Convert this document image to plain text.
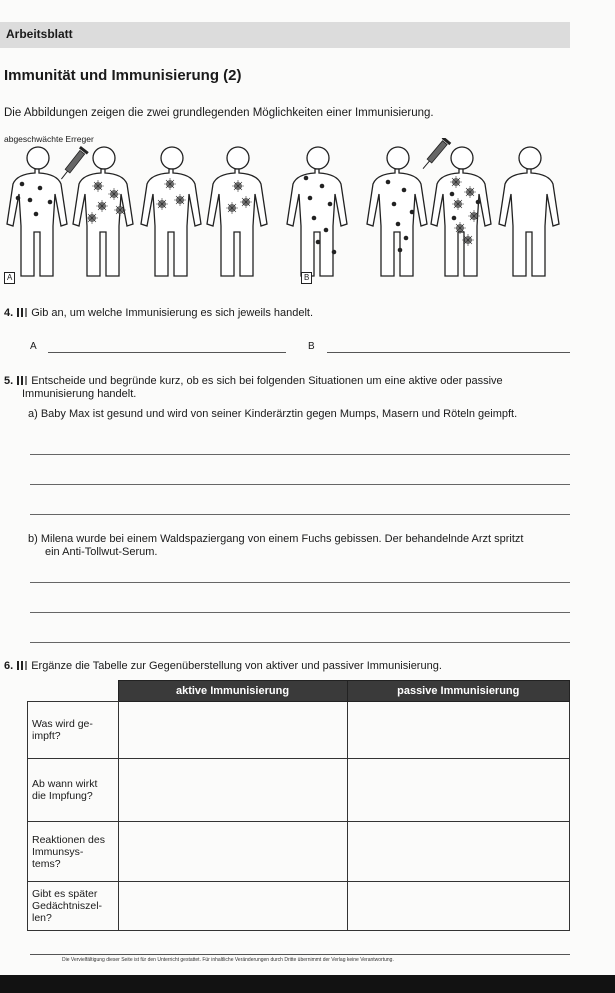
Arbeitsblatt
Immunität und Immunisierung (2)
Die Abbildungen zeigen die zwei grundlegenden Möglichkeiten einer Immunisierung.
abgeschwächte Erreger
A	B
4. Gib an, um welche Immunisierung es sich jeweils handelt.
A	B
5. Entscheide und begründe kurz, ob es sich bei folgenden Situationen um eine aktive oder passive
Immunisierung handelt.
a) Baby Max ist gesund und wird von seiner Kinderärztin gegen Mumps, Masern und Röteln geimpft.
b) Milena wurde bei einem Waldspaziergang von einem Fuchs gebissen. Der behandelnde Arzt spritzt
ein Anti-Tollwut-Serum.
6. Ergänze die Tabelle zur Gegenüberstellung von aktiver und passiver Immunisierung.
	aktive Immunisierung	passive Immunisierung
Was wird ge-
impft?		
Ab wann wirkt
die Impfung?		
Reaktionen des
Immunsys-
tems?		
Gibt es später
Gedächtniszel-
len?		
Die Vervielfältigung dieser Seite ist für den Unterricht gestattet. Für inhaltliche Veränderungen durch Dritte übernimmt der Verlag keine Verantwortung.
